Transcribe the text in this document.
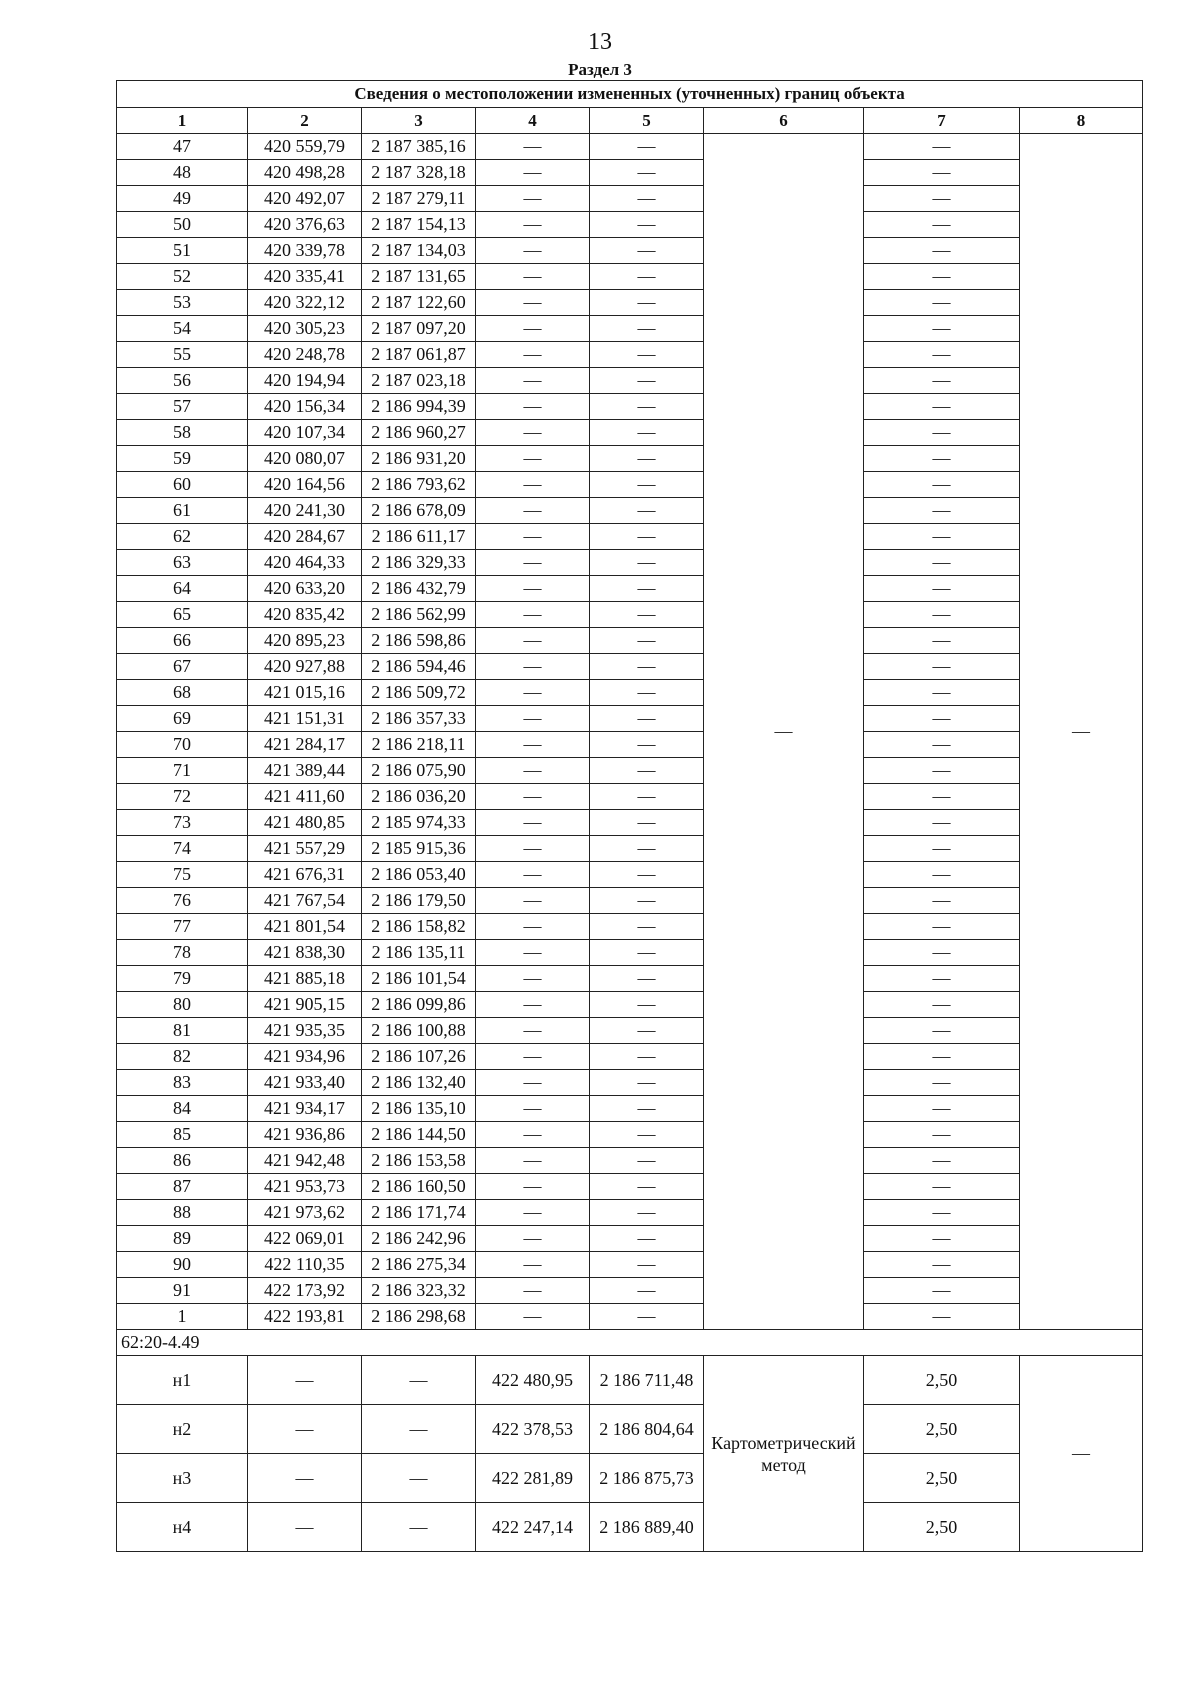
13
Раздел 3
Сведения о местоположении измененных (уточненных) границ объекта							
1	2	3	4	5	6	7	8
47	420 559,79	2 187 385,16	—	—	—	—	—
48	420 498,28	2 187 328,18	—	—		—	
49	420 492,07	2 187 279,11	—	—		—	
50	420 376,63	2 187 154,13	—	—		—	
51	420 339,78	2 187 134,03	—	—		—	
52	420 335,41	2 187 131,65	—	—		—	
53	420 322,12	2 187 122,60	—	—		—	
54	420 305,23	2 187 097,20	—	—		—	
55	420 248,78	2 187 061,87	—	—		—	
56	420 194,94	2 187 023,18	—	—		—	
57	420 156,34	2 186 994,39	—	—		—	
58	420 107,34	2 186 960,27	—	—		—	
59	420 080,07	2 186 931,20	—	—		—	
60	420 164,56	2 186 793,62	—	—		—	
61	420 241,30	2 186 678,09	—	—		—	
62	420 284,67	2 186 611,17	—	—		—	
63	420 464,33	2 186 329,33	—	—		—	
64	420 633,20	2 186 432,79	—	—		—	
65	420 835,42	2 186 562,99	—	—		—	
66	420 895,23	2 186 598,86	—	—		—	
67	420 927,88	2 186 594,46	—	—		—	
68	421 015,16	2 186 509,72	—	—		—	
69	421 151,31	2 186 357,33	—	—		—	
70	421 284,17	2 186 218,11	—	—		—	
71	421 389,44	2 186 075,90	—	—		—	
72	421 411,60	2 186 036,20	—	—		—	
73	421 480,85	2 185 974,33	—	—		—	
74	421 557,29	2 185 915,36	—	—		—	
75	421 676,31	2 186 053,40	—	—		—	
76	421 767,54	2 186 179,50	—	—		—	
77	421 801,54	2 186 158,82	—	—		—	
78	421 838,30	2 186 135,11	—	—		—	
79	421 885,18	2 186 101,54	—	—		—	
80	421 905,15	2 186 099,86	—	—		—	
81	421 935,35	2 186 100,88	—	—		—	
82	421 934,96	2 186 107,26	—	—		—	
83	421 933,40	2 186 132,40	—	—		—	
84	421 934,17	2 186 135,10	—	—		—	
85	421 936,86	2 186 144,50	—	—		—	
86	421 942,48	2 186 153,58	—	—		—	
87	421 953,73	2 186 160,50	—	—		—	
88	421 973,62	2 186 171,74	—	—		—	
89	422 069,01	2 186 242,96	—	—		—	
90	422 110,35	2 186 275,34	—	—		—	
91	422 173,92	2 186 323,32	—	—		—	
1	422 193,81	2 186 298,68	—	—		—	
62:20-4.49							
н1	—	—	422 480,95	2 186 711,48	Картометрический метод	2,50	—
н2	—	—	422 378,53	2 186 804,64		2,50	
н3	—	—	422 281,89	2 186 875,73		2,50	
н4	—	—	422 247,14	2 186 889,40		2,50	
